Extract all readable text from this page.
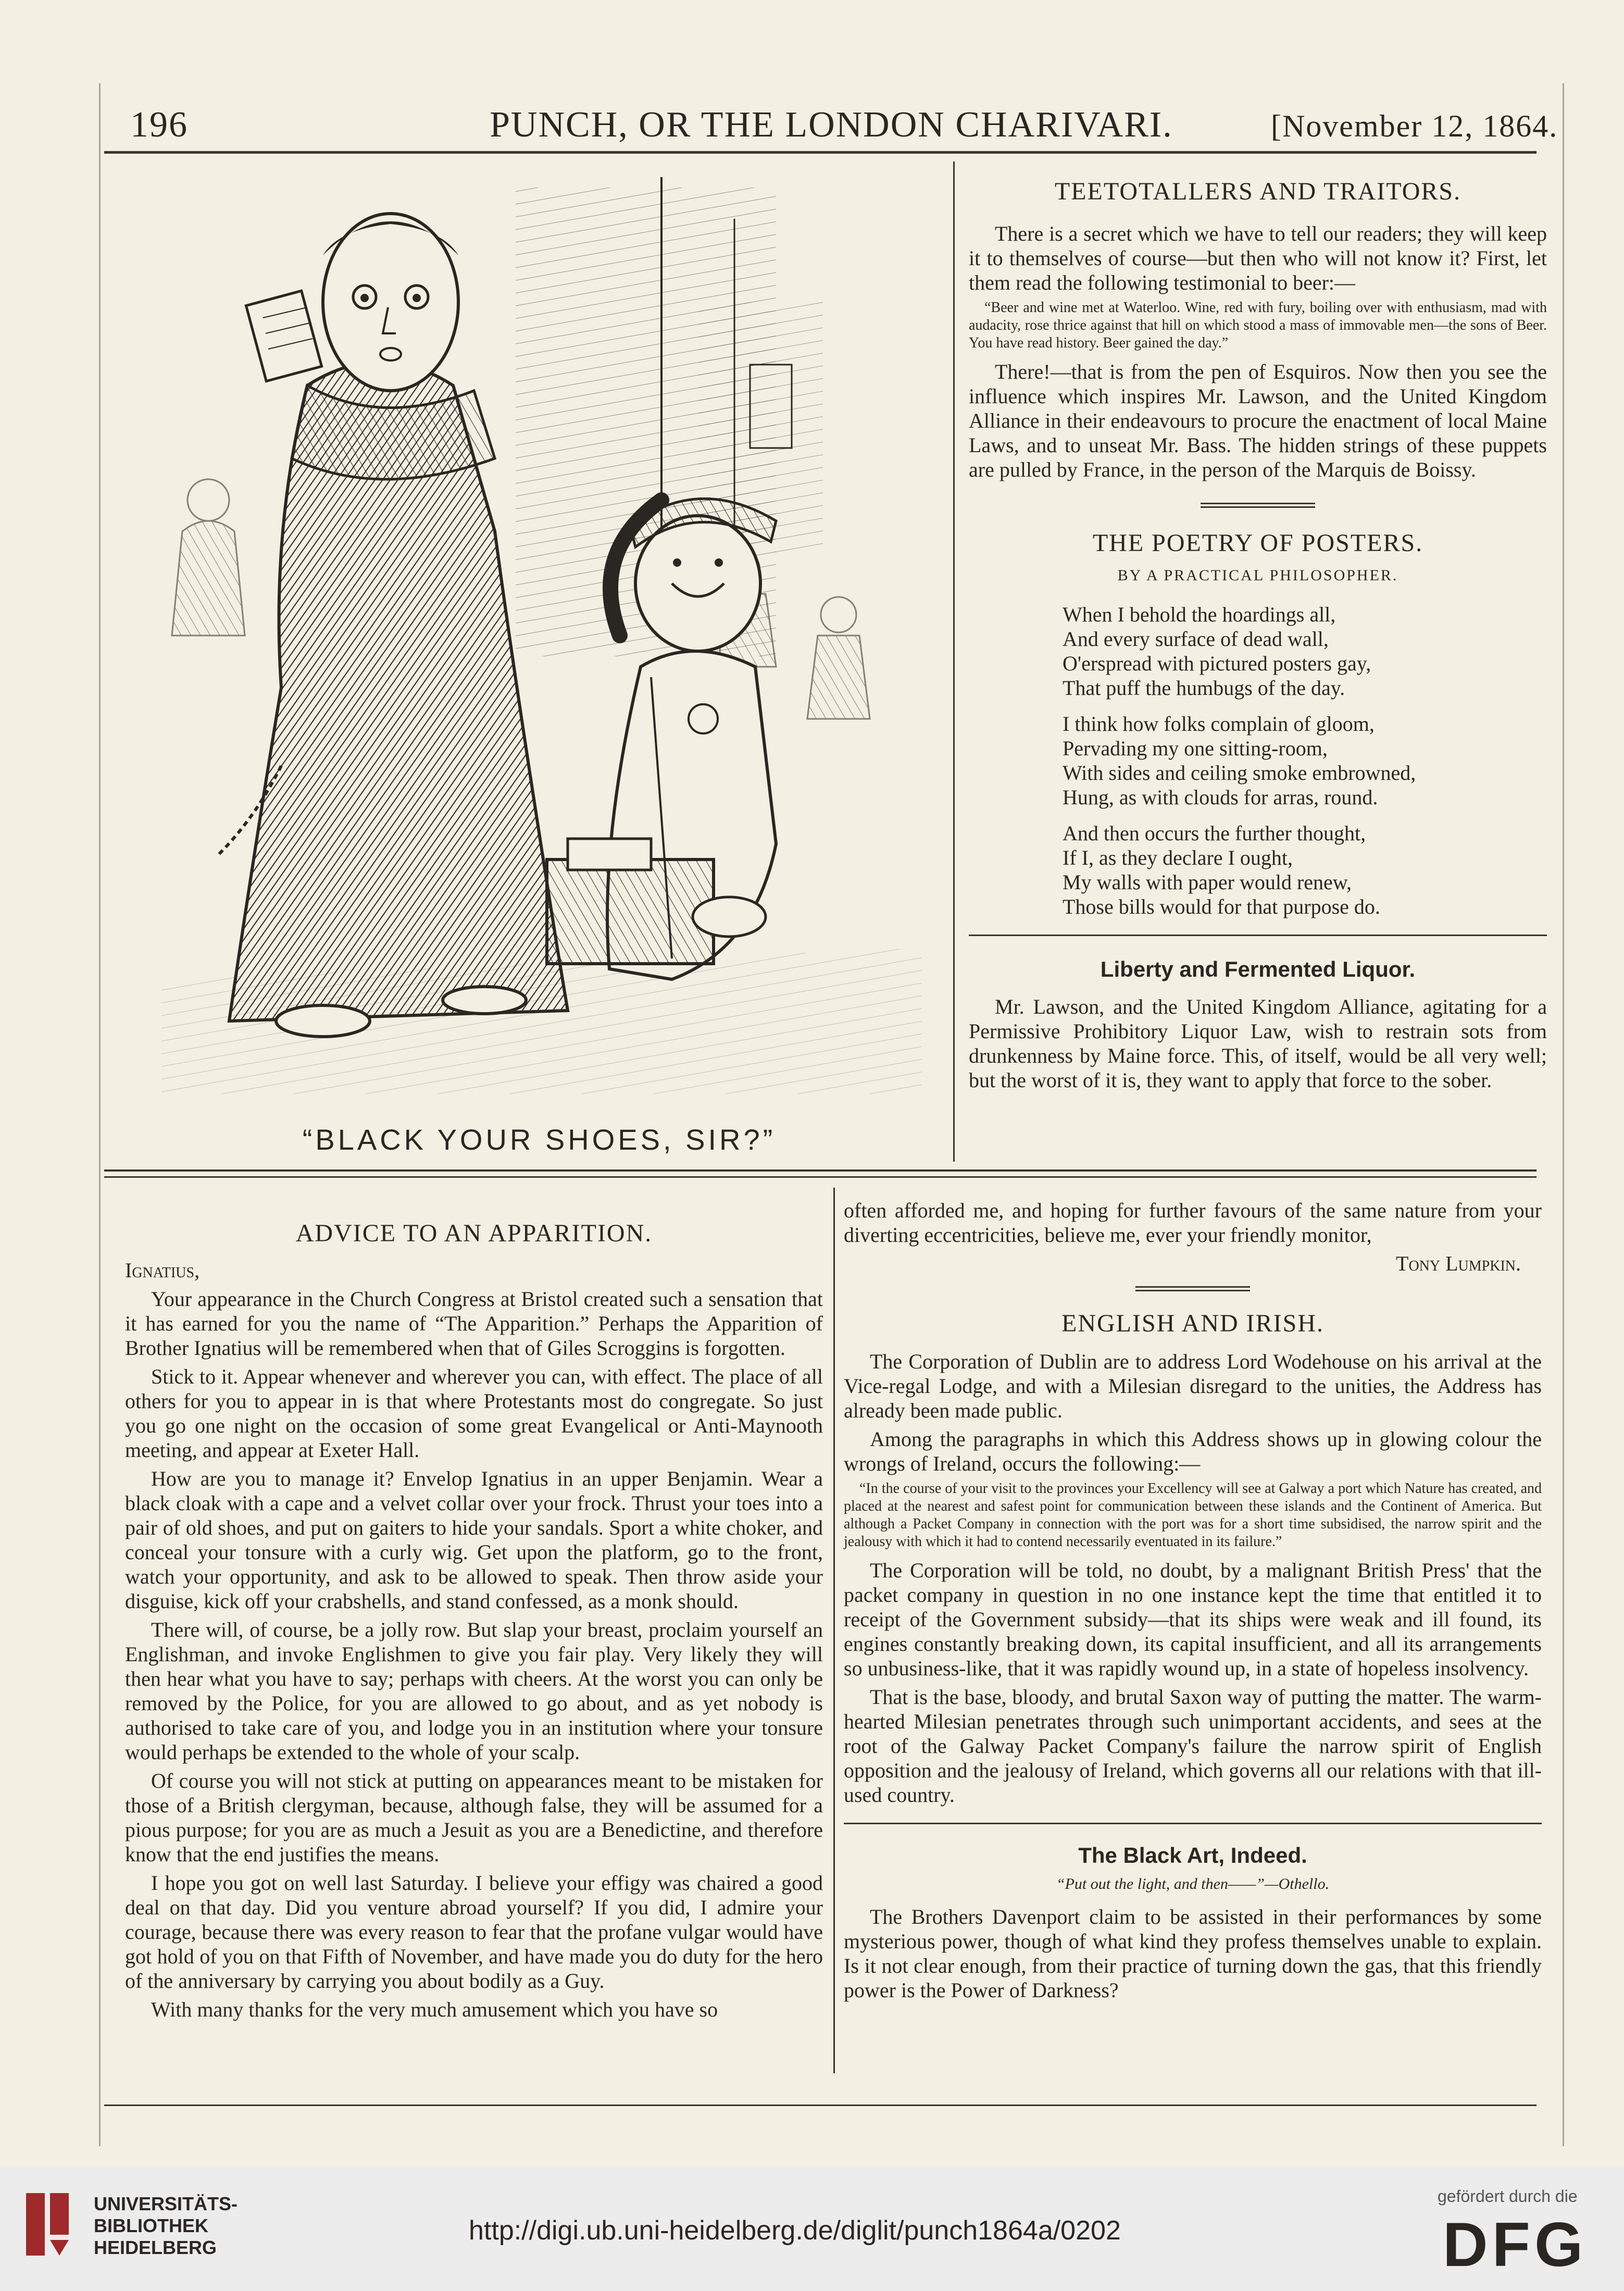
196	PUNCH, OR THE LONDON CHARIVARI.	[November 12, 1864.
“BLACK YOUR SHOES, SIR?”
TEETOTALLERS AND TRAITORS.

There is a secret which we have to tell our readers; they will keep it to themselves of course—but then who will not know it? First, let them read the following testimonial to beer:—

“Beer and wine met at Waterloo. Wine, red with fury, boiling over with enthusiasm, mad with audacity, rose thrice against that hill on which stood a mass of immovable men—the sons of Beer. You have read history. Beer gained the day.”

There!—that is from the pen of Esquiros. Now then you see the influence which inspires Mr. Lawson, and the United Kingdom Alliance in their endeavours to procure the enactment of local Maine Laws, and to unseat Mr. Bass. The hidden strings of these puppets are pulled by France, in the person of the Marquis de Boissy.

THE POETRY OF POSTERS.
BY A PRACTICAL PHILOSOPHER.
When I behold the hoardings all,
And every surface of dead wall,
O'erspread with pictured posters gay,
That puff the humbugs of the day.
I think how folks complain of gloom,
Pervading my one sitting-room,
With sides and ceiling smoke embrowned,
Hung, as with clouds for arras, round.
And then occurs the further thought,
If I, as they declare I ought,
My walls with paper would renew,
Those bills would for that purpose do.
Liberty and Fermented Liquor.

Mr. Lawson, and the United Kingdom Alliance, agitating for a Permissive Prohibitory Liquor Law, wish to restrain sots from drunkenness by Maine force. This, of itself, would be all very well; but the worst of it is, they want to apply that force to the sober.

ADVICE TO AN APPARITION.

Ignatius,

Your appearance in the Church Congress at Bristol created such a sensation that it has earned for you the name of “The Apparition.” Perhaps the Apparition of Brother Ignatius will be remembered when that of Giles Scroggins is forgotten.

Stick to it. Appear whenever and wherever you can, with effect. The place of all others for you to appear in is that where Protestants most do congregate. So just you go one night on the occasion of some great Evangelical or Anti-Maynooth meeting, and appear at Exeter Hall.

How are you to manage it? Envelop Ignatius in an upper Benjamin. Wear a black cloak with a cape and a velvet collar over your frock. Thrust your toes into a pair of old shoes, and put on gaiters to hide your sandals. Sport a white choker, and conceal your tonsure with a curly wig. Get upon the platform, go to the front, watch your opportunity, and ask to be allowed to speak. Then throw aside your disguise, kick off your crabshells, and stand confessed, as a monk should.

There will, of course, be a jolly row. But slap your breast, proclaim yourself an Englishman, and invoke Englishmen to give you fair play. Very likely they will then hear what you have to say; perhaps with cheers. At the worst you can only be removed by the Police, for you are allowed to go about, and as yet nobody is authorised to take care of you, and lodge you in an institution where your tonsure would perhaps be extended to the whole of your scalp.

Of course you will not stick at putting on appearances meant to be mistaken for those of a British clergyman, because, although false, they will be assumed for a pious purpose; for you are as much a Jesuit as you are a Benedictine, and therefore know that the end justifies the means.

I hope you got on well last Saturday. I believe your effigy was chaired a good deal on that day. Did you venture abroad yourself? If you did, I admire your courage, because there was every reason to fear that the profane vulgar would have got hold of you on that Fifth of November, and have made you do duty for the hero of the anniversary by carrying you about bodily as a Guy.

With many thanks for the very much amusement which you have so

often afforded me, and hoping for further favours of the same nature from your diverting eccentricities, believe me, ever your friendly monitor,

Tony Lumpkin.
ENGLISH AND IRISH.

The Corporation of Dublin are to address Lord Wodehouse on his arrival at the Vice-regal Lodge, and with a Milesian disregard to the unities, the Address has already been made public.

Among the paragraphs in which this Address shows up in glowing colour the wrongs of Ireland, occurs the following:—

“In the course of your visit to the provinces your Excellency will see at Galway a port which Nature has created, and placed at the nearest and safest point for communication between these islands and the Continent of America. But although a Packet Company in connection with the port was for a short time subsidised, the narrow spirit and the jealousy with which it had to contend necessarily eventuated in its failure.”

The Corporation will be told, no doubt, by a malignant British Press' that the packet company in question in no one instance kept the time that entitled it to receipt of the Government subsidy—that its ships were weak and ill found, its engines constantly breaking down, its capital insufficient, and all its arrangements so unbusiness-like, that it was rapidly wound up, in a state of hopeless insolvency.

That is the base, bloody, and brutal Saxon way of putting the matter. The warm-hearted Milesian penetrates through such unimportant accidents, and sees at the root of the Galway Packet Company's failure the narrow spirit of English opposition and the jealousy of Ireland, which governs all our relations with that ill-used country.

The Black Art, Indeed.
“Put out the light, and then——”—Othello.

The Brothers Davenport claim to be assisted in their performances by some mysterious power, though of what kind they profess themselves unable to explain. Is it not clear enough, from their practice of turning down the gas, that this friendly power is the Power of Darkness?

UNIVERSITÄTS-
BIBLIOTHEK
HEIDELBERG
http://digi.ub.uni-heidelberg.de/diglit/punch1864a/0202
gefördert durch die
DFG
